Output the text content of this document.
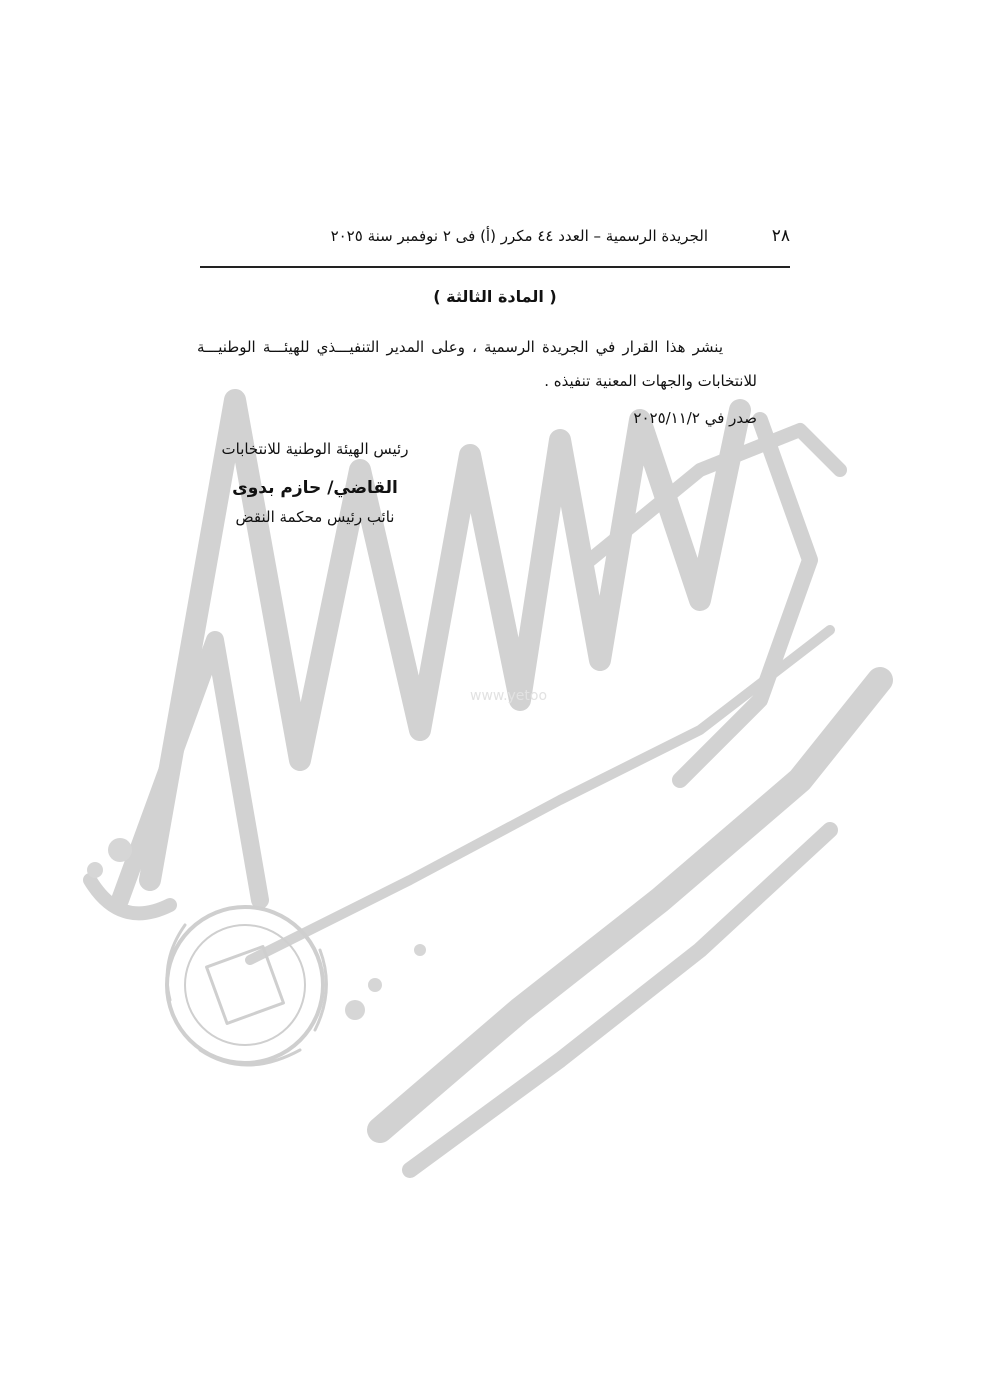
www.yetoo
٢٨
الجريدة الرسمية – العدد ٤٤ مكرر (أ) فى ٢ نوفمبر سنة ٢٠٢٥
( المادة الثالثة )

ينشر هذا القرار في الجريدة الرسمية ، وعلى المدير التنفيـــذي للهيئـــة الوطنيـــة

للانتخابات والجهات المعنية تنفيذه .

صدر في ٢٠٢٥/١١/٢

رئيس الهيئة الوطنية للانتخابات

القاضي/ حازم بدوى

نائب رئيس محكمة النقض
